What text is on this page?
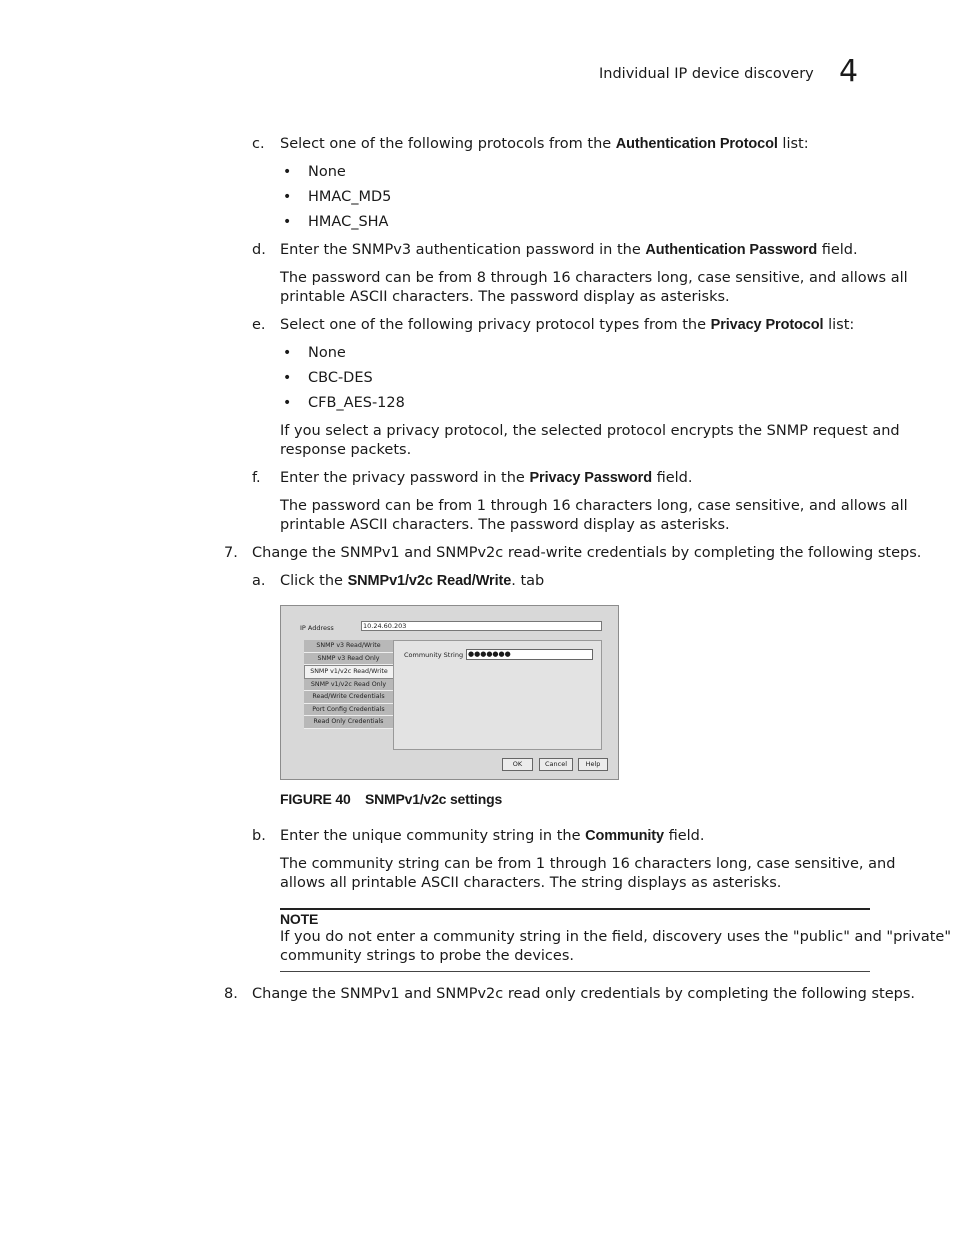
Individual IP device discovery 4
c. Select one of the following protocols from the Authentication Protocol list:
• None
• HMAC_MD5
• HMAC_SHA
d. Enter the SNMPv3 authentication password in the Authentication Password field.
The password can be from 8 through 16 characters long, case sensitive, and allows all
printable ASCII characters. The password display as asterisks.
e. Select one of the following privacy protocol types from the Privacy Protocol list:
• None
• CBC-DES
• CFB_AES-128
If you select a privacy protocol, the selected protocol encrypts the SNMP request and
response packets.
f. Enter the privacy password in the Privacy Password field.
The password can be from 1 through 16 characters long, case sensitive, and allows all
printable ASCII characters. The password display as asterisks.
7. Change the SNMPv1 and SNMPv2c read-write credentials by completing the following steps.
a. Click the SNMPv1/v2c Read/Write. tab
IP Address	10.24.60.203
SNMP v3 Read/Write
SNMP v3 Read Only
SNMP v1/v2c Read/Write
SNMP v1/v2c Read Only
Read/Write Credentials
Port Config Credentials
Read Only Credentials
Community String ●●●●●●●
OK	Cancel	Help
FIGURE 40 SNMPv1/v2c settings
b. Enter the unique community string in the Community field.
The community string can be from 1 through 16 characters long, case sensitive, and
allows all printable ASCII characters. The string displays as asterisks.
NOTE
If you do not enter a community string in the field, discovery uses the "public" and "private"
community strings to probe the devices.
8. Change the SNMPv1 and SNMPv2c read only credentials by completing the following steps.
